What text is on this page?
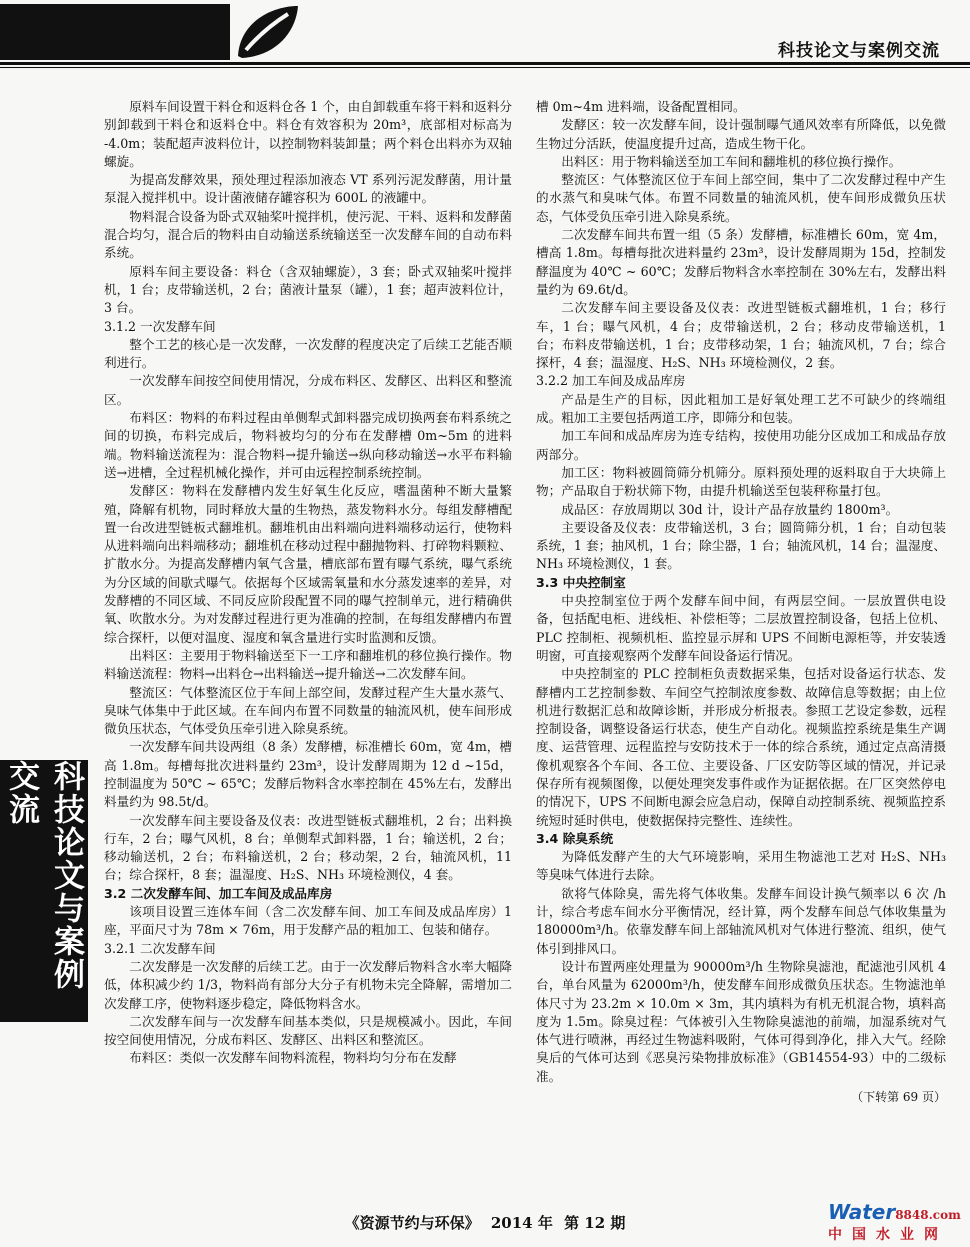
科技论文与案例交流
科技论文与案例交流

原料车间设置干料仓和返料仓各 1 个，由自卸载重车将干料和返料分别卸载到干料仓和返料仓中。料仓有效容积为 20m³，底部相对标高为 -4.0m；装配超声波料位计，以控制物料装卸量；两个料仓出料亦为双轴螺旋。

为提高发酵效果，预处理过程添加液态 VT 系列污泥发酵菌，用计量泵混入搅拌机中。设计菌液储存罐容积为 600L 的液罐中。

物料混合设备为卧式双轴桨叶搅拌机，使污泥、干料、返料和发酵菌混合均匀，混合后的物料由自动输送系统输送至一次发酵车间的自动布料系统。

原料车间主要设备：料仓（含双轴螺旋），3 套；卧式双轴桨叶搅拌机，1 台；皮带输送机，2 台；菌液计量泵（罐），1 套；超声波料位计，3 台。

3.1.2 一次发酵车间

整个工艺的核心是一次发酵，一次发酵的程度决定了后续工艺能否顺利进行。

一次发酵车间按空间使用情况，分成布料区、发酵区、出料区和整流区。

布料区：物料的布料过程由单侧犁式卸料器完成切换两套布料系统之间的切换，布料完成后，物料被均匀的分布在发酵槽 0m~5m 的进料端。物料输送流程为：混合物料→提升输送→纵向移动输送→水平布料输送→进槽，全过程机械化操作，并可由远程控制系统控制。

发酵区：物料在发酵槽内发生好氧生化反应，嗜温菌种不断大量繁殖，降解有机物，同时释放大量的生物热，蒸发物料水分。每组发酵槽配置一台改进型链板式翻堆机。翻堆机由出料端向进料端移动运行，使物料从进料端向出料端移动；翻堆机在移动过程中翻抛物料、打碎物料颗粒、扩散水分。为提高发酵槽内氧气含量，槽底部布置有曝气系统，曝气系统为分区域的间歇式曝气。依据每个区域需氧量和水分蒸发速率的差异，对发酵槽的不同区域、不同反应阶段配置不同的曝气控制单元，进行精确供氧、吹散水分。为对发酵过程进行更为准确的控制，在每组发酵槽内布置综合探杆，以便对温度、湿度和氧含量进行实时监测和反馈。

出料区：主要用于物料输送至下一工序和翻堆机的移位换行操作。物料输送流程：物料→出料仓→出料输送→提升输送→二次发酵车间。

整流区：气体整流区位于车间上部空间，发酵过程产生大量水蒸气、臭味气体集中于此区域。在车间内布置不同数量的轴流风机，使车间形成微负压状态，气体受负压牵引进入除臭系统。

一次发酵车间共设两组（8 条）发酵槽，标准槽长 60m，宽 4m，槽高 1.8m。每槽每批次进料量约 23m³，设计发酵周期为 12 d ~15d，控制温度为 50℃ ~ 65℃；发酵后物料含水率控制在 45%左右，发酵出料量约为 98.5t/d。

一次发酵车间主要设备及仪表：改进型链板式翻堆机，2 台；出料换行车，2 台；曝气风机，8 台；单侧犁式卸料器，1 台；输送机，2 台；移动输送机，2 台；布料输送机，2 台；移动架，2 台，轴流风机，11 台；综合探杆，8 套；温湿度、H₂S、NH₃ 环境检测仪，4 套。

3.2 二次发酵车间、加工车间及成品库房

该项目设置三连体车间（含二次发酵车间、加工车间及成品库房）1 座，平面尺寸为 78m × 76m，用于发酵产品的粗加工、包装和储存。

3.2.1 二次发酵车间

二次发酵是一次发酵的后续工艺。由于一次发酵后物料含水率大幅降低，体积减少约 1/3，物料尚有部分大分子有机物未完全降解，需增加二次发酵工序，使物料逐步稳定，降低物料含水。

二次发酵车间与一次发酵车间基本类似，只是规模减小。因此，车间按空间使用情况，分成布料区、发酵区、出料区和整流区。

布料区：类似一次发酵车间物料流程，物料均匀分布在发酵

槽 0m~4m 进料端，设备配置相同。

发酵区：较一次发酵车间，设计强制曝气通风效率有所降低，以免微生物过分活跃，使温度提升过高，造成生物干化。

出料区：用于物料输送至加工车间和翻堆机的移位换行操作。

整流区：气体整流区位于车间上部空间，集中了二次发酵过程中产生的水蒸气和臭味气体。布置不同数量的轴流风机，使车间形成微负压状态，气体受负压牵引进入除臭系统。

二次发酵车间共布置一组（5 条）发酵槽，标准槽长 60m，宽 4m，槽高 1.8m。每槽每批次进料量约 23m³，设计发酵周期为 15d，控制发酵温度为 40℃ ~ 60℃；发酵后物料含水率控制在 30%左右，发酵出料量约为 69.6t/d。

二次发酵车间主要设备及仪表：改进型链板式翻堆机，1 台；移行车，1 台；曝气风机，4 台；皮带输送机，2 台；移动皮带输送机，1 台；布料皮带输送机，1 台；皮带移动架，1 台；轴流风机，7 台；综合探杆，4 套；温湿度、H₂S、NH₃ 环境检测仪，2 套。

3.2.2 加工车间及成品库房

产品是生产的目标，因此粗加工是好氧处理工艺不可缺少的终端组成。粗加工主要包括两道工序，即筛分和包装。

加工车间和成品库房为连专结构，按使用功能分区成加工和成品存放两部分。

加工区：物料被圆筒筛分机筛分。原料预处理的返料取自于大块筛上物；产品取自于粉状筛下物，由提升机输送至包装秤称量打包。

成品区：存放周期以 30d 计，设计产品存放量约 1800m³。

主要设备及仪表：皮带输送机，3 台；圆筒筛分机，1 台；自动包装系统，1 套；抽风机，1 台；除尘器，1 台；轴流风机，14 台；温湿度、NH₃ 环境检测仪，1 套。

3.3 中央控制室

中央控制室位于两个发酵车间中间，有两层空间。一层放置供电设备，包括配电柜、进线柜、补偿柜等；二层放置控制设备，包括上位机、PLC 控制柜、视频机柜、监控显示屏和 UPS 不间断电源柜等，并安装透明窗，可直接观察两个发酵车间设备运行情况。

中央控制室的 PLC 控制柜负责数据采集，包括对设备运行状态、发酵槽内工艺控制参数、车间空气控制浓度参数、故障信息等数据；由上位机进行数据汇总和故障诊断，并形成分析报表。参照工艺设定参数，远程控制设备，调整设备运行状态，使生产自动化。视频监控系统是集生产调度、运营管理、远程监控与安防技术于一体的综合系统，通过定点高清摄像机观察各个车间、各工位、主要设备、厂区安防等区域的情况，并记录保存所有视频图像，以便处理突发事件或作为证据依据。在厂区突然停电的情况下，UPS 不间断电源会应急启动，保障自动控制系统、视频监控系统短时延时供电，使数据保持完整性、连续性。

3.4 除臭系统

为降低发酵产生的大气环境影响，采用生物滤池工艺对 H₂S、NH₃ 等臭味气体进行去除。

欲将气体除臭，需先将气体收集。发酵车间设计换气频率以 6 次 /h 计，综合考虑车间水分平衡情况，经计算，两个发酵车间总气体收集量为 180000m³/h。依靠发酵车间上部轴流风机对气体进行整流、组织，使气体引到排风口。

设计布置两座处理量为 90000m³/h 生物除臭滤池，配滤池引风机 4 台，单台风量为 62000m³/h，使发酵车间形成微负压状态。生物滤池单体尺寸为 23.2m × 10.0m × 3m，其内填料为有机无机混合物，填料高度为 1.5m。除臭过程：气体被引入生物除臭滤池的前端，加湿系统对气体气进行喷淋，再经过生物滤料吸附，气体可得到净化，排入大气。经除臭后的气体可达到《恶臭污染物排放标准》（GB14554-93）中的二级标准。

（下转第 69 页）
《资源节约与环保》 2014 年 第 12 期	Water8848.com
中国水业网
